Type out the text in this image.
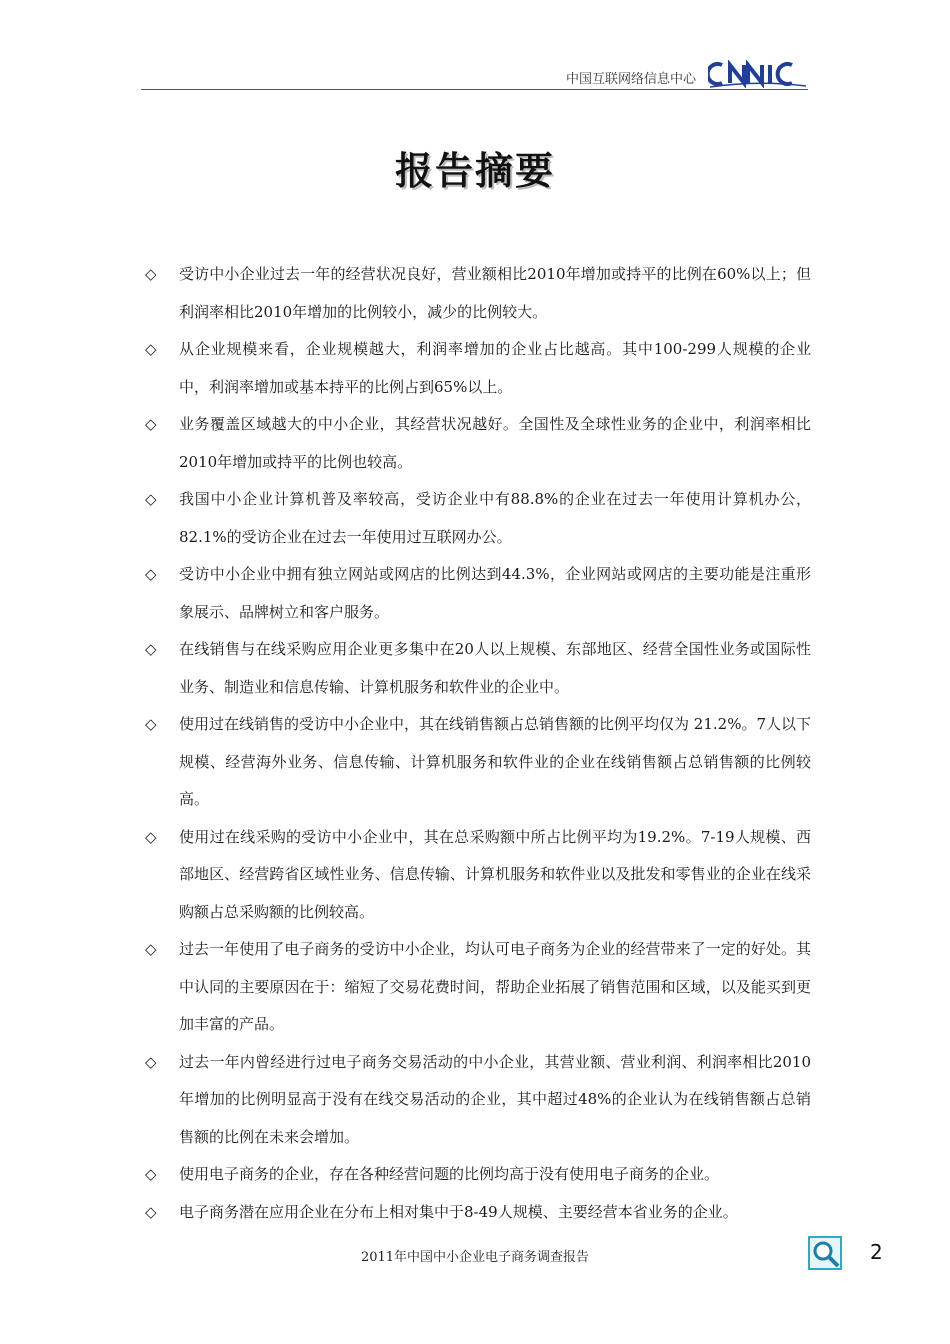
中国互联网络信息中心
报告摘要
◇ 受访中小企业过去一年的经营状况良好，营业额相比2010年增加或持平的比例在60%以上；但利润率相比2010年增加的比例较小，减少的比例较大。
◇ 从企业规模来看，企业规模越大，利润率增加的企业占比越高。其中100-299人规模的企业中，利润率增加或基本持平的比例占到65%以上。
◇ 业务覆盖区域越大的中小企业，其经营状况越好。全国性及全球性业务的企业中，利润率相比2010年增加或持平的比例也较高。
◇ 我国中小企业计算机普及率较高，受访企业中有88.8%的企业在过去一年使用计算机办公，82.1%的受访企业在过去一年使用过互联网办公。
◇ 受访中小企业中拥有独立网站或网店的比例达到44.3%，企业网站或网店的主要功能是注重形象展示、品牌树立和客户服务。
◇ 在线销售与在线采购应用企业更多集中在20人以上规模、东部地区、经营全国性业务或国际性业务、制造业和信息传输、计算机服务和软件业的企业中。
◇ 使用过在线销售的受访中小企业中，其在线销售额占总销售额的比例平均仅为 21.2%。7人以下规模、经营海外业务、信息传输、计算机服务和软件业的企业在线销售额占总销售额的比例较高。
◇ 使用过在线采购的受访中小企业中，其在总采购额中所占比例平均为19.2%。7-19人规模、西部地区、经营跨省区域性业务、信息传输、计算机服务和软件业以及批发和零售业的企业在线采购额占总采购额的比例较高。
◇ 过去一年使用了电子商务的受访中小企业，均认可电子商务为企业的经营带来了一定的好处。其中认同的主要原因在于：缩短了交易花费时间，帮助企业拓展了销售范围和区域，以及能买到更加丰富的产品。
◇ 过去一年内曾经进行过电子商务交易活动的中小企业，其营业额、营业利润、利润率相比2010年增加的比例明显高于没有在线交易活动的企业，其中超过48%的企业认为在线销售额占总销售额的比例在未来会增加。
◇ 使用电子商务的企业，存在各种经营问题的比例均高于没有使用电子商务的企业。
◇ 电子商务潜在应用企业在分布上相对集中于8-49人规模、主要经营本省业务的企业。
2011年中国中小企业电子商务调查报告	2
